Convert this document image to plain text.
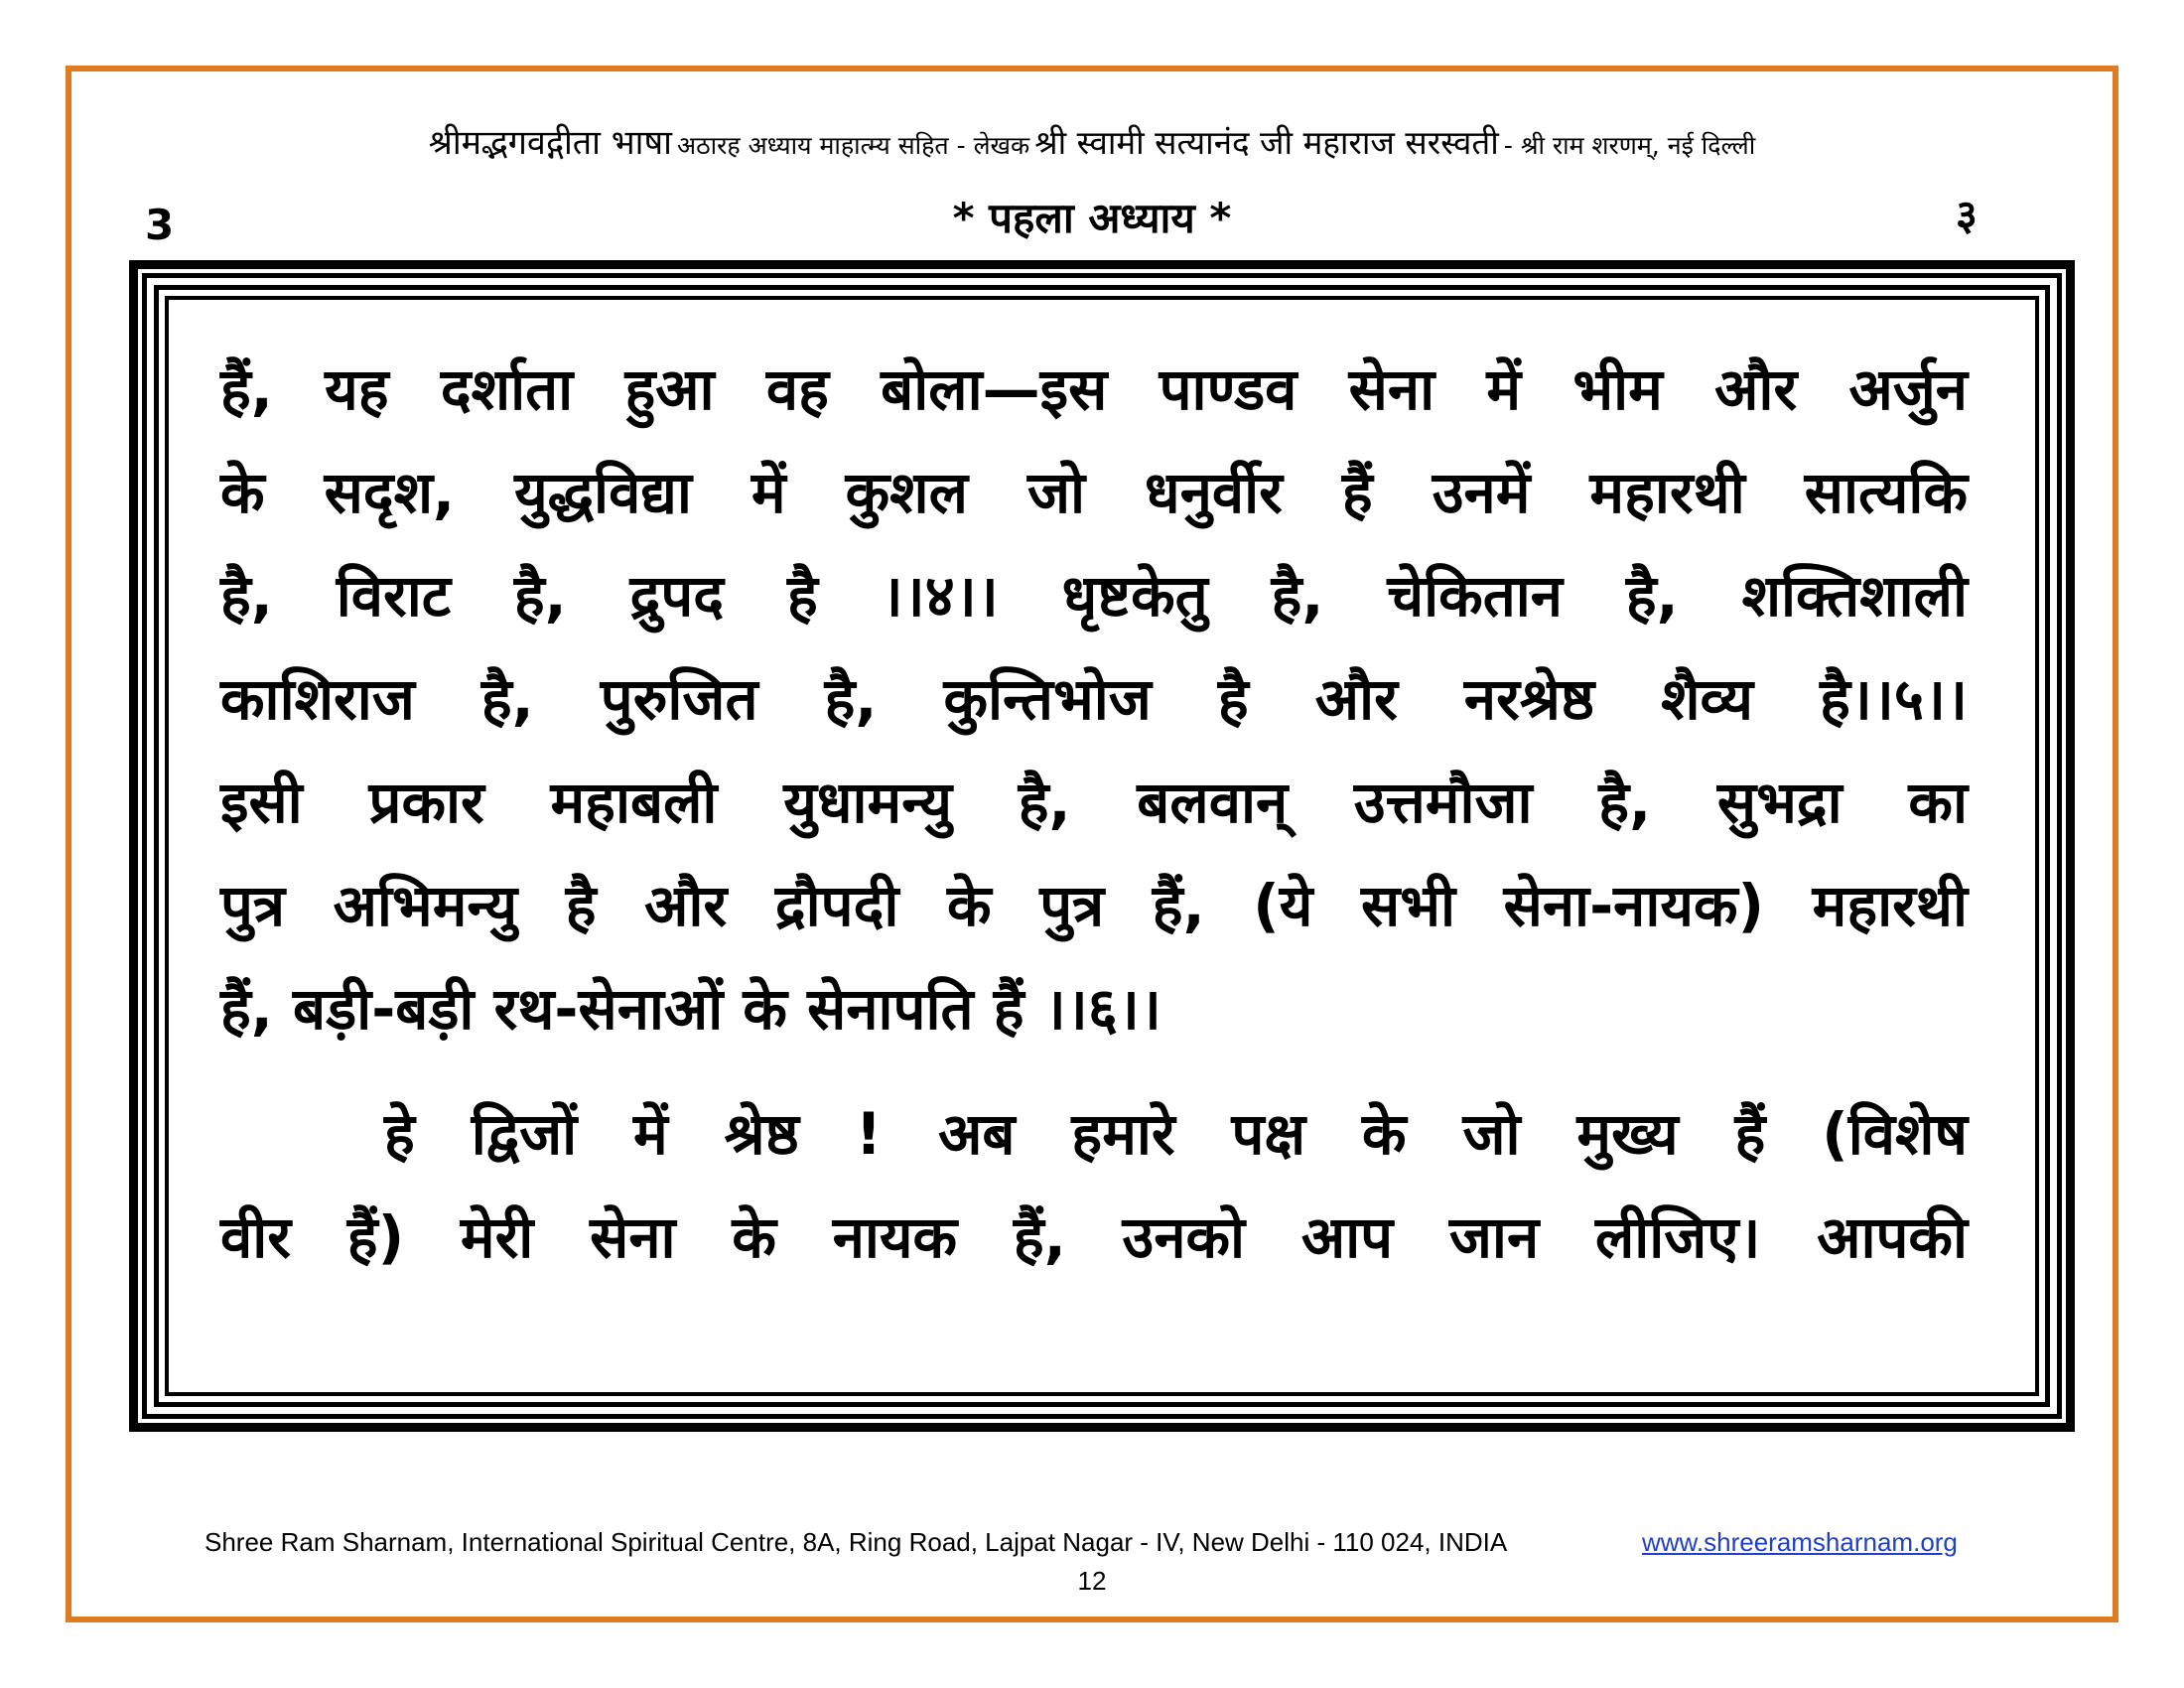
श्रीमद्भगवद्गीता भाषा अठारह अध्याय माहात्म्य सहित - लेखक श्री स्वामी सत्यानंद जी महाराज सरस्वती - श्री राम शरणम्, नई दिल्ली
3	* पहला अध्याय *	३
हैं, यह दर्शाता हुआ वह बोला—इस पाण्डव सेना में भीम और अर्जुन
के सदृश, युद्धविद्या में कुशल जो धनुर्वीर हैं उनमें महारथी सात्यकि
है, विराट है, द्रुपद है ।।४।। धृष्टकेतु है, चेकितान है, शक्तिशाली
काशिराज है, पुरुजित है, कुन्तिभोज है और नरश्रेष्ठ शैव्य है।।५।।
इसी प्रकार महाबली युधामन्यु है, बलवान् उत्तमौजा है, सुभद्रा का
पुत्र अभिमन्यु है और द्रौपदी के पुत्र हैं, (ये सभी सेना-नायक) महारथी
हैं, बड़ी-बड़ी रथ-सेनाओं के सेनापति हैं ।।६।।
हे द्विजों में श्रेष्ठ ! अब हमारे पक्ष के जो मुख्य हैं (विशेष
वीर हैं) मेरी सेना के नायक हैं, उनको आप जान लीजिए। आपकी
Shree Ram Sharnam, International Spiritual Centre, 8A, Ring Road, Lajpat Nagar - IV, New Delhi - 110 024, INDIA	www.shreeramsharnam.org
12
